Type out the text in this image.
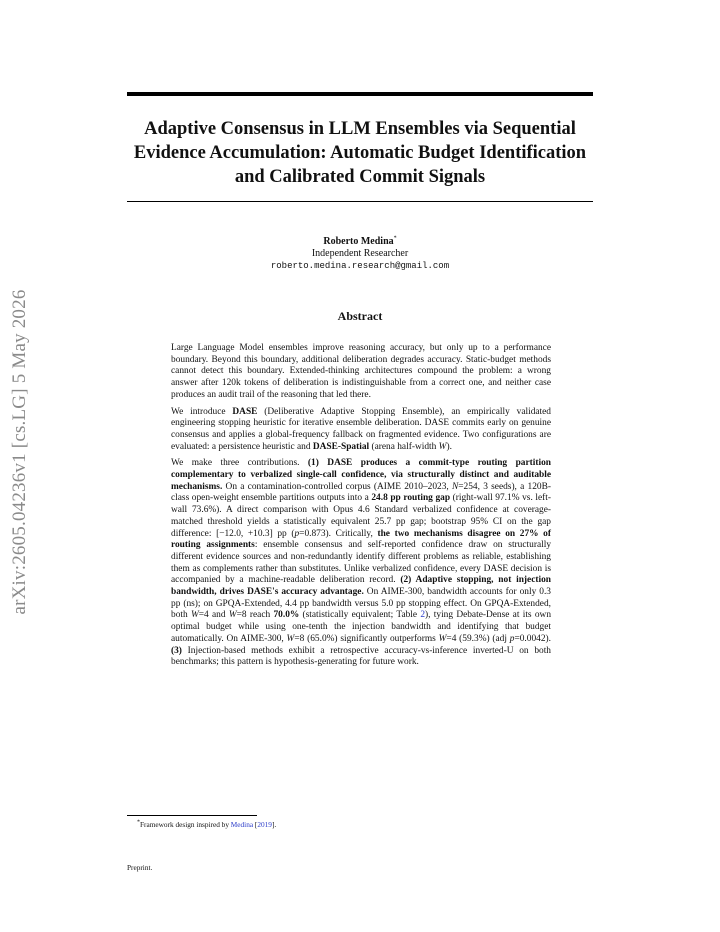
Adaptive Consensus in LLM Ensembles via Sequential Evidence Accumulation: Automatic Budget Identification and Calibrated Commit Signals
arXiv:2605.04236v1 [cs.LG] 5 May 2026
Roberto Medina*
Independent Researcher
roberto.medina.research@gmail.com
Abstract

Large Language Model ensembles improve reasoning accuracy, but only up to a performance boundary. Beyond this boundary, additional deliberation degrades accuracy. Static-budget methods cannot detect this boundary. Extended-thinking architectures compound the problem: a wrong answer after 120k tokens of deliberation is indistinguishable from a correct one, and neither case produces an audit trail of the reasoning that led there.

We introduce DASE (Deliberative Adaptive Stopping Ensemble), an empirically validated engineering stopping heuristic for iterative ensemble deliberation. DASE commits early on genuine consensus and applies a global-frequency fallback on fragmented evidence. Two configurations are evaluated: a persistence heuristic and DASE-Spatial (arena half-width W).

We make three contributions. (1) DASE produces a commit-type routing partition complementary to verbalized single-call confidence, via structurally distinct and auditable mechanisms. On a contamination-controlled corpus (AIME 2010–2023, N=254, 3 seeds), a 120B-class open-weight ensemble partitions outputs into a 24.8 pp routing gap (right-wall 97.1% vs. left-wall 73.6%). A direct comparison with Opus 4.6 Standard verbalized confidence at coverage-matched threshold yields a statistically equivalent 25.7 pp gap; bootstrap 95% CI on the gap difference: [−12.0, +10.3] pp (p=0.873). Critically, the two mechanisms disagree on 27% of routing assignments: ensemble consensus and self-reported confidence draw on structurally different evidence sources and non-redundantly identify different problems as reliable, establishing them as complements rather than substitutes. Unlike verbalized confidence, every DASE decision is accompanied by a machine-readable deliberation record. (2) Adaptive stopping, not injection bandwidth, drives DASE's accuracy advantage. On AIME-300, bandwidth accounts for only 0.3 pp (ns); on GPQA-Extended, 4.4 pp bandwidth versus 5.0 pp stopping effect. On GPQA-Extended, both W=4 and W=8 reach 70.0% (statistically equivalent; Table 2), tying Debate-Dense at its own optimal budget while using one-tenth the injection bandwidth and identifying that budget automatically. On AIME-300, W=8 (65.0%) significantly outperforms W=4 (59.3%) (adj p=0.0042). (3) Injection-based methods exhibit a retrospective accuracy-vs-inference inverted-U on both benchmarks; this pattern is hypothesis-generating for future work.

*Framework design inspired by Medina [2019].
Preprint.
